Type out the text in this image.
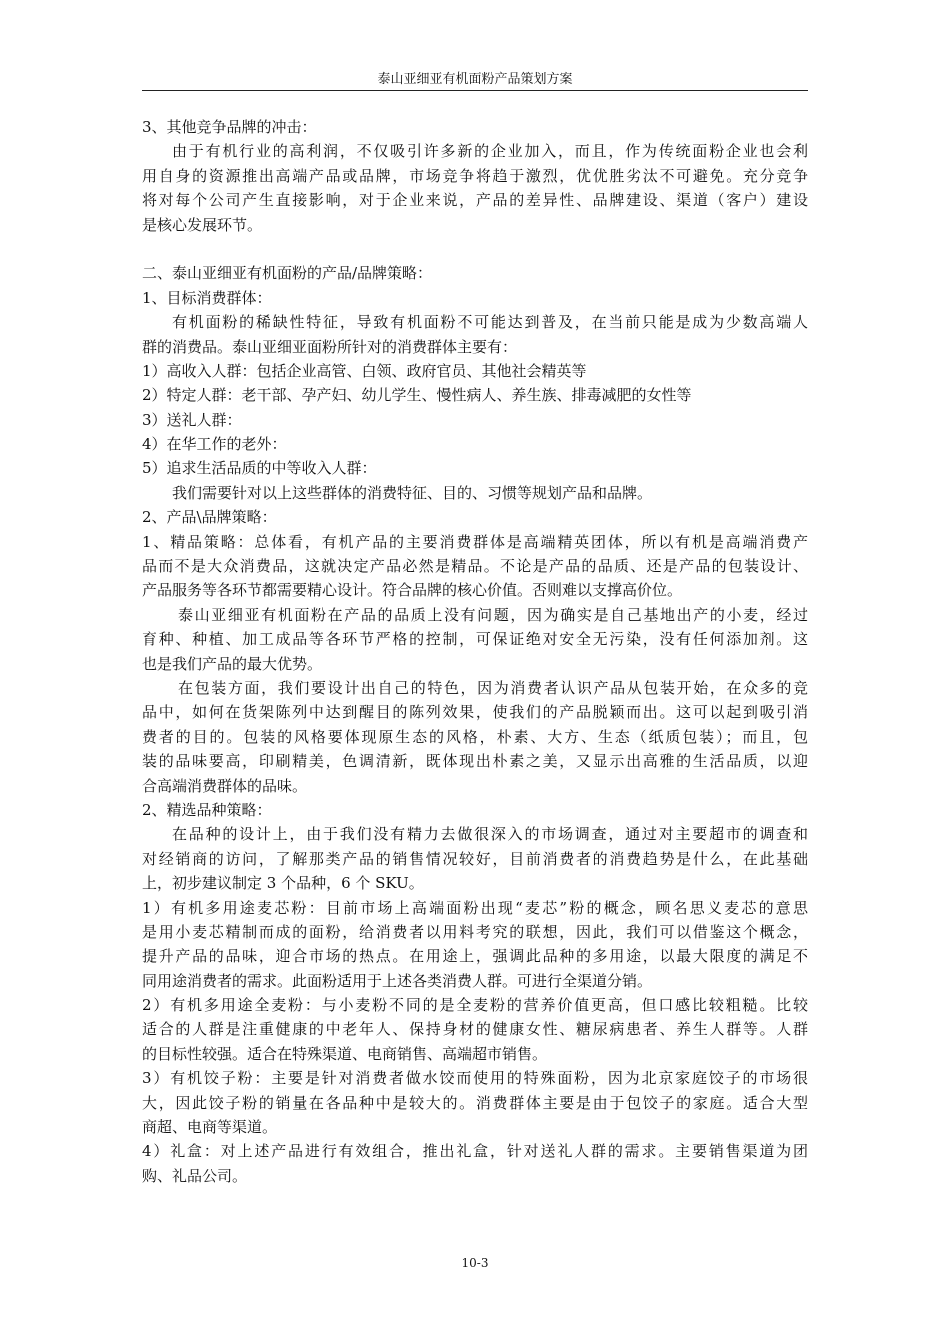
泰山亚细亚有机面粉产品策划方案
3、其他竞争品牌的冲击：
由于有机行业的高利润，不仅吸引许多新的企业加入，而且，作为传统面粉企业也会利
用自身的资源推出高端产品或品牌，市场竞争将趋于激烈，优优胜劣汰不可避免。充分竞争
将对每个公司产生直接影响，对于企业来说，产品的差异性、品牌建设、渠道（客户）建设
是核心发展环节。
二、泰山亚细亚有机面粉的产品/品牌策略：
1、目标消费群体：
有机面粉的稀缺性特征，导致有机面粉不可能达到普及，在当前只能是成为少数高端人
群的消费品。泰山亚细亚面粉所针对的消费群体主要有：
1）高收入人群：包括企业高管、白领、政府官员、其他社会精英等
2）特定人群：老干部、孕产妇、幼儿学生、慢性病人、养生族、排毒减肥的女性等
3）送礼人群：
4）在华工作的老外：
5）追求生活品质的中等收入人群：
我们需要针对以上这些群体的消费特征、目的、习惯等规划产品和品牌。
2、产品\品牌策略：
1、精品策略：总体看，有机产品的主要消费群体是高端精英团体，所以有机是高端消费产
品而不是大众消费品，这就决定产品必然是精品。不论是产品的品质、还是产品的包装设计、
产品服务等各环节都需要精心设计。符合品牌的核心价值。否则难以支撑高价位。
泰山亚细亚有机面粉在产品的品质上没有问题，因为确实是自己基地出产的小麦，经过
育种、种植、加工成品等各环节严格的控制，可保证绝对安全无污染，没有任何添加剂。这
也是我们产品的最大优势。
在包装方面，我们要设计出自己的特色，因为消费者认识产品从包装开始，在众多的竞
品中，如何在货架陈列中达到醒目的陈列效果，使我们的产品脱颖而出。这可以起到吸引消
费者的目的。包装的风格要体现原生态的风格，朴素、大方、生态（纸质包装）；而且，包
装的品味要高，印刷精美，色调清新，既体现出朴素之美，又显示出高雅的生活品质，以迎
合高端消费群体的品味。
2、精选品种策略：
在品种的设计上，由于我们没有精力去做很深入的市场调查，通过对主要超市的调查和
对经销商的访问，了解那类产品的销售情况较好，目前消费者的消费趋势是什么，在此基础
上，初步建议制定 3 个品种，6 个 SKU。
1）有机多用途麦芯粉：目前市场上高端面粉出现“麦芯”粉的概念，顾名思义麦芯的意思
是用小麦芯精制而成的面粉，给消费者以用料考究的联想，因此，我们可以借鉴这个概念，
提升产品的品味，迎合市场的热点。在用途上，强调此品种的多用途，以最大限度的满足不
同用途消费者的需求。此面粉适用于上述各类消费人群。可进行全渠道分销。
2）有机多用途全麦粉：与小麦粉不同的是全麦粉的营养价值更高，但口感比较粗糙。比较
适合的人群是注重健康的中老年人、保持身材的健康女性、糖尿病患者、养生人群等。人群
的目标性较强。适合在特殊渠道、电商销售、高端超市销售。
3）有机饺子粉：主要是针对消费者做水饺而使用的特殊面粉，因为北京家庭饺子的市场很
大，因此饺子粉的销量在各品种中是较大的。消费群体主要是由于包饺子的家庭。适合大型
商超、电商等渠道。
4）礼盒：对上述产品进行有效组合，推出礼盒，针对送礼人群的需求。主要销售渠道为团
购、礼品公司。
10-3
